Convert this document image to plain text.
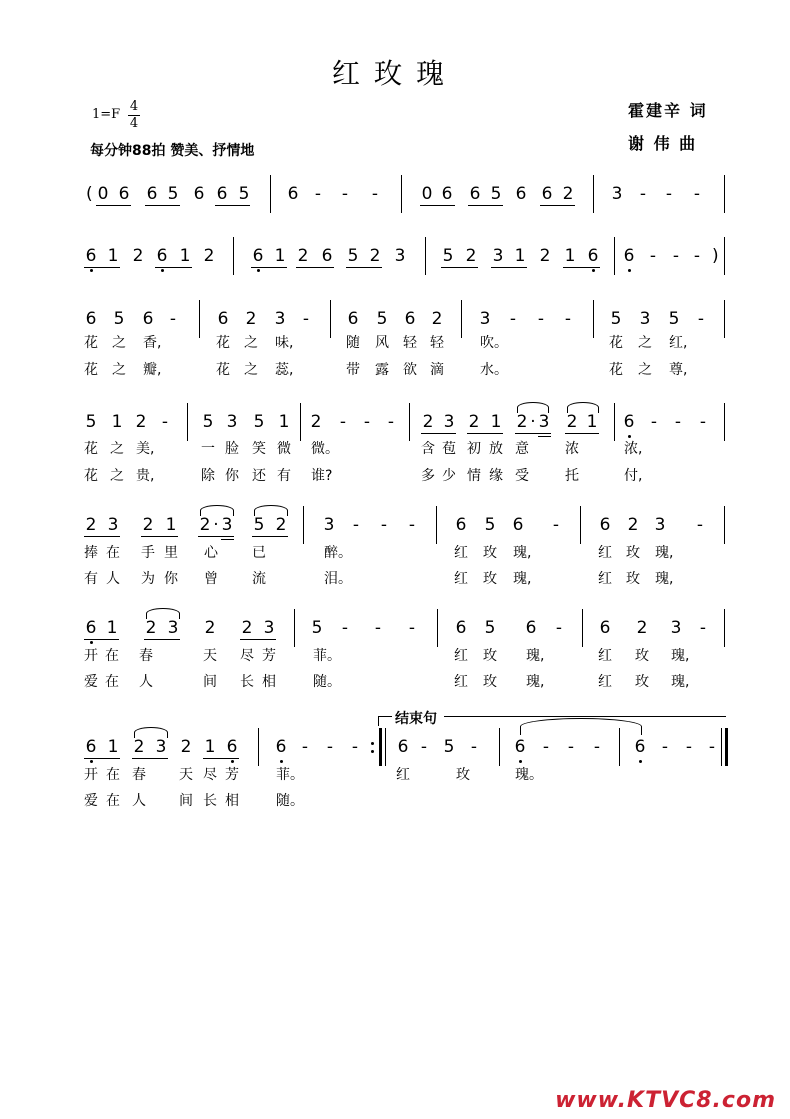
红玫瑰
1=F
4
4
每分钟88拍 赞美、抒情地
霍建辛 词
谢 伟 曲
( 0 6 6 5 6 6 5 6 - - -	0 6 6 5 6 6 2 3 - - -
6 1 2 6 1 2 6 1 2 6 5 2 3 5 2 3 1 2 1 6 6 - - - )
6 5 6 - 6 2 3 - 6 5 6 2 3 - - - 5 3 5 -
花 之 香,	花 之 味,	随 风 轻 轻	吹。	花 之 红,
花 之 瓣,	花 之 蕊,	带 露 欲 滴	水。	花 之 尊,
5 1 2 - 5 3 5 1 2 - - - 2 3 2 1 2 · 3 2 1 6 - - -
花 之 美,	一 脸 笑 微 微。	含 苞 初 放 意	浓	浓,
花 之 贵,	除 你 还 有 谁?	多 少 情 缘 受	托	付,
2 3 2 1 2 · 3 5 2 3 - - - 6 5 6 - 6 2 3 -
捧 在 手 里 心 已	醉。	红 玫 瑰,	红 玫 瑰,
有 人 为 你 曾 流	泪。	红 玫 瑰,	红 玫 瑰,
6 1 2 3 2 2 3 5 - - - 6 5 6 - 6 2 3 -
开 在 春	天 尽 芳	菲。	红 玫 瑰,	红 玫 瑰,
爱 在 人	间 长 相	随。	红 玫 瑰,	红 玫 瑰,
结束句
6 1 2 3 2 1 6 6 - - - 6 - 5 - 6 - - - 6 - - -
开 在 春 天 尽 芳	菲。	红	玫	瑰。
爱 在 人 间 长 相	随。
www.KTVC8.com
